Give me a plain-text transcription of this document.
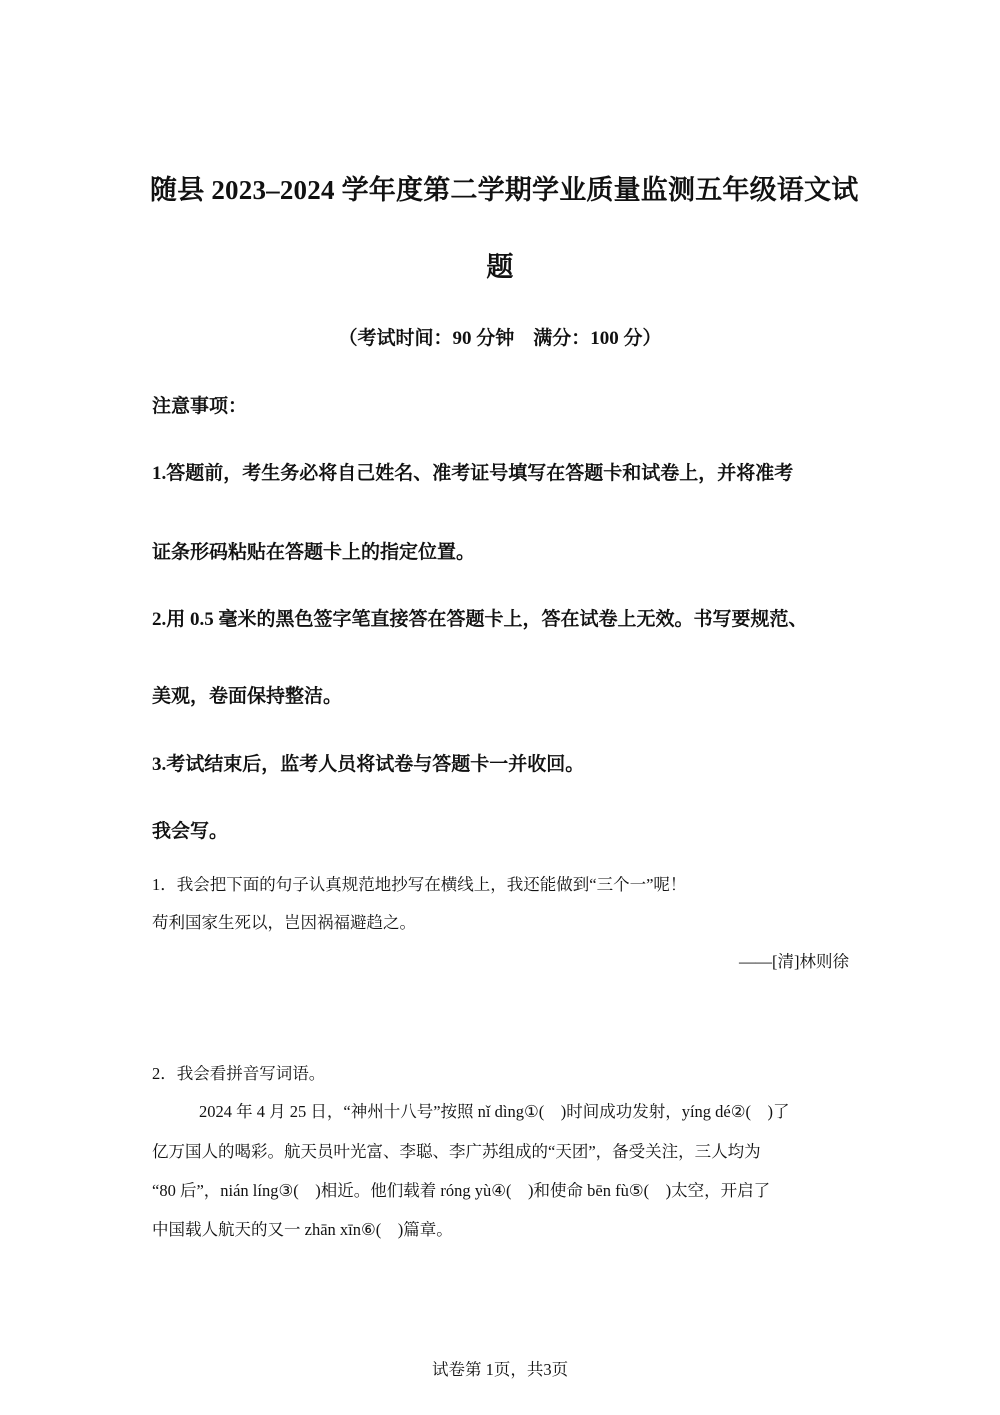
随县 2023–2024 学年度第二学期学业质量监测五年级语文试
题
（考试时间：90 分钟　满分：100 分）
注意事项：
1.答题前，考生务必将自己姓名、准考证号填写在答题卡和试卷上，并将准考
证条形码粘贴在答题卡上的指定位置。
2.用 0.5 毫米的黑色签字笔直接答在答题卡上，答在试卷上无效。书写要规范、
美观，卷面保持整洁。
3.考试结束后，监考人员将试卷与答题卡一并收回。
我会写。
1．我会把下面的句子认真规范地抄写在横线上，我还能做到“三个一”呢！
苟利国家生死以，岂因祸福避趋之。
——[清]林则徐
2．我会看拼音写词语。
2024 年 4 月 25 日，“神州十八号”按照 nǐ dìng①(　)时间成功发射，yíng dé②(　)了
亿万国人的喝彩。航天员叶光富、李聪、李广苏组成的“天团”，备受关注，三人均为
“80 后”，nián líng③(　)相近。他们载着 róng yù④(　)和使命 bēn fù⑤(　)太空，开启了
中国载人航天的又一 zhān xīn⑥(　)篇章。
试卷第 1页，共3页
